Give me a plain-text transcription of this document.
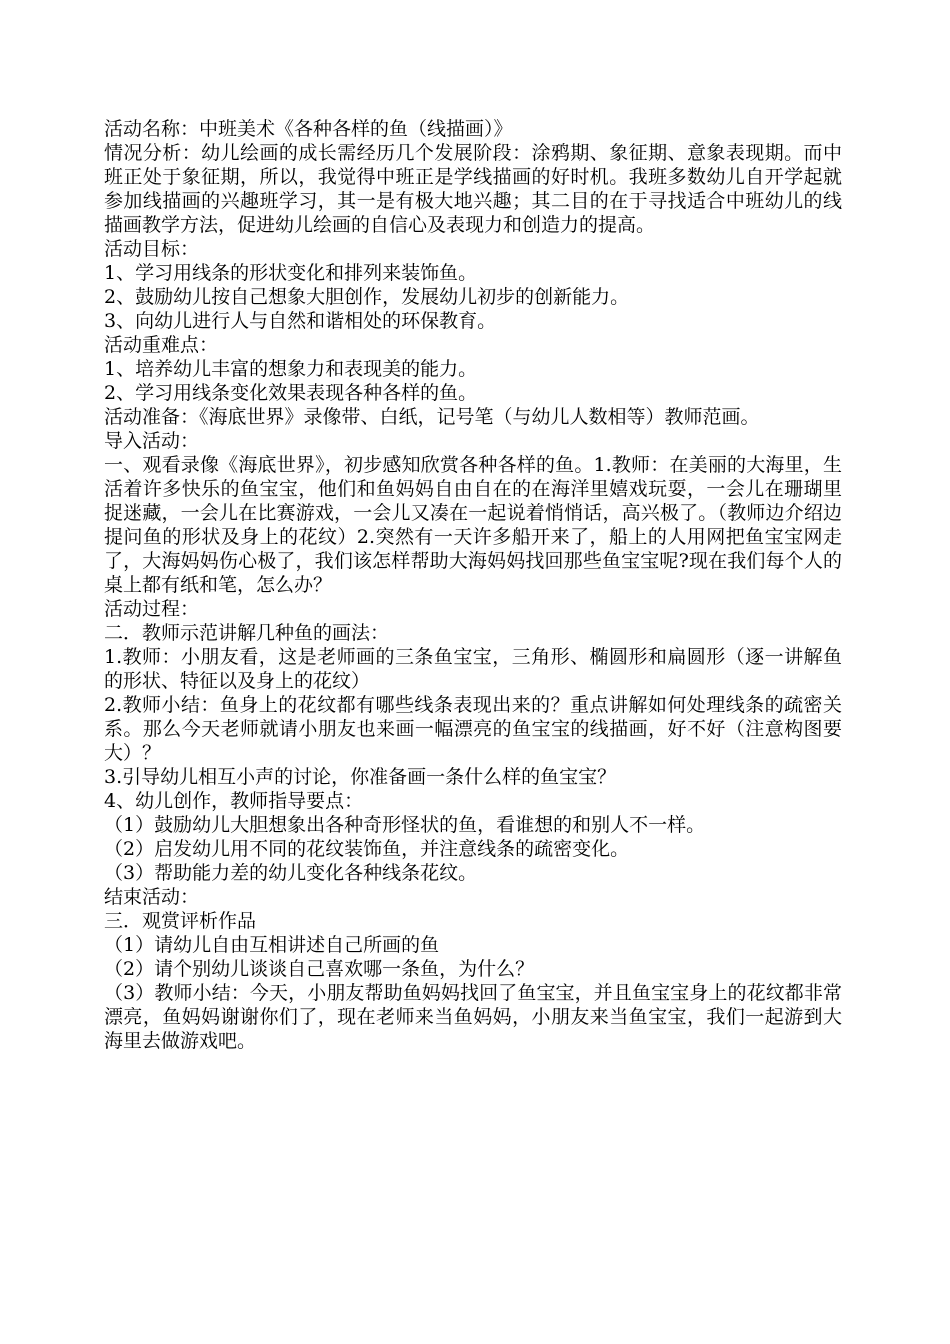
活动名称：中班美术《各种各样的鱼（线描画）》

情况分析：幼儿绘画的成长需经历几个发展阶段：涂鸦期、象征期、意象表现期。而中班正处于象征期，所以，我觉得中班正是学线描画的好时机。我班多数幼儿自开学起就参加线描画的兴趣班学习，其一是有极大地兴趣；其二目的在于寻找适合中班幼儿的线描画教学方法，促进幼儿绘画的自信心及表现力和创造力的提高。

活动目标：

1、学习用线条的形状变化和排列来装饰鱼。

2、鼓励幼儿按自己想象大胆创作，发展幼儿初步的创新能力。

3、向幼儿进行人与自然和谐相处的环保教育。

活动重难点：

1、培养幼儿丰富的想象力和表现美的能力。

2、学习用线条变化效果表现各种各样的鱼。

活动准备：《海底世界》录像带、白纸，记号笔（与幼儿人数相等）教师范画。

导入活动：

一、观看录像《海底世界》，初步感知欣赏各种各样的鱼。1.教师：在美丽的大海里，生活着许多快乐的鱼宝宝，他们和鱼妈妈自由自在的在海洋里嬉戏玩耍，一会儿在珊瑚里捉迷藏，一会儿在比赛游戏，一会儿又凑在一起说着悄悄话，高兴极了。（教师边介绍边提问鱼的形状及身上的花纹）2.突然有一天许多船开来了，船上的人用网把鱼宝宝网走了，大海妈妈伤心极了，我们该怎样帮助大海妈妈找回那些鱼宝宝呢?现在我们每个人的桌上都有纸和笔，怎么办？

活动过程：

二．教师示范讲解几种鱼的画法：

1.教师：小朋友看，这是老师画的三条鱼宝宝，三角形、椭圆形和扁圆形（逐一讲解鱼的形状、特征以及身上的花纹）

2.教师小结：鱼身上的花纹都有哪些线条表现出来的？重点讲解如何处理线条的疏密关系。那么今天老师就请小朋友也来画一幅漂亮的鱼宝宝的线描画，好不好（注意构图要大）？

3.引导幼儿相互小声的讨论，你准备画一条什么样的鱼宝宝？

4、幼儿创作，教师指导要点：

（1）鼓励幼儿大胆想象出各种奇形怪状的鱼，看谁想的和别人不一样。

（2）启发幼儿用不同的花纹装饰鱼，并注意线条的疏密变化。

（3）帮助能力差的幼儿变化各种线条花纹。

结束活动：

三．观赏评析作品

（1）请幼儿自由互相讲述自己所画的鱼

（2）请个别幼儿谈谈自己喜欢哪一条鱼，为什么？

（3）教师小结：今天，小朋友帮助鱼妈妈找回了鱼宝宝，并且鱼宝宝身上的花纹都非常漂亮，鱼妈妈谢谢你们了，现在老师来当鱼妈妈，小朋友来当鱼宝宝，我们一起游到大海里去做游戏吧。
